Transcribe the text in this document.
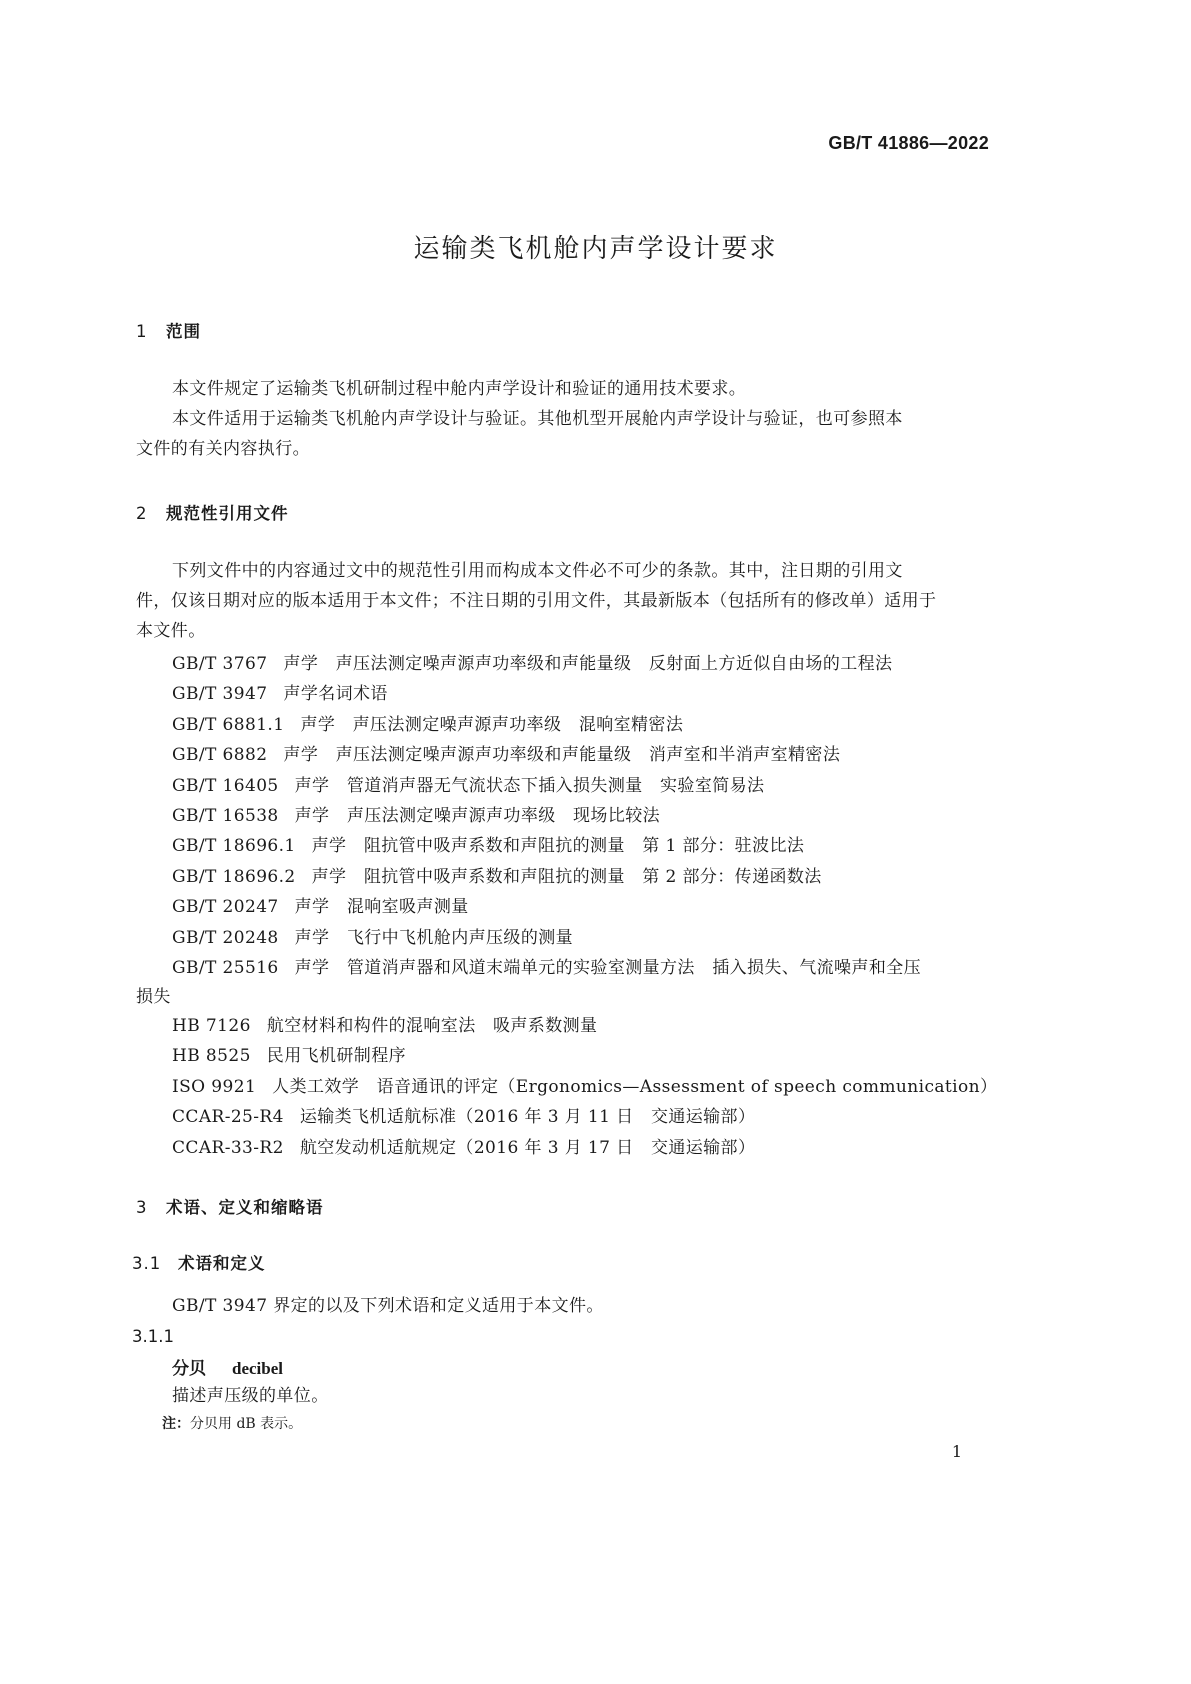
GB/T 41886—2022
运输类飞机舱内声学设计要求
1 范围

本文件规定了运输类飞机研制过程中舱内声学设计和验证的通用技术要求。

本文件适用于运输类飞机舱内声学设计与验证。其他机型开展舱内声学设计与验证，也可参照本

文件的有关内容执行。

2 规范性引用文件

下列文件中的内容通过文中的规范性引用而构成本文件必不可少的条款。其中，注日期的引用文

件，仅该日期对应的版本适用于本文件；不注日期的引用文件，其最新版本（包括所有的修改单）适用于

本文件。

GB/T 3767 声学　声压法测定噪声源声功率级和声能量级　反射面上方近似自由场的工程法
GB/T 3947 声学名词术语
GB/T 6881.1 声学　声压法测定噪声源声功率级　混响室精密法
GB/T 6882 声学　声压法测定噪声源声功率级和声能量级　消声室和半消声室精密法
GB/T 16405 声学　管道消声器无气流状态下插入损失测量　实验室简易法
GB/T 16538 声学　声压法测定噪声源声功率级　现场比较法
GB/T 18696.1 声学　阻抗管中吸声系数和声阻抗的测量　第 1 部分：驻波比法
GB/T 18696.2 声学　阻抗管中吸声系数和声阻抗的测量　第 2 部分：传递函数法
GB/T 20247 声学　混响室吸声测量
GB/T 20248 声学　飞行中飞机舱内声压级的测量
GB/T 25516 声学　管道消声器和风道末端单元的实验室测量方法　插入损失、气流噪声和全压
损失
HB 7126 航空材料和构件的混响室法　吸声系数测量
HB 8525 民用飞机研制程序
ISO 9921 人类工效学　语音通讯的评定（Ergonomics—Assessment of speech communication）
CCAR-25-R4 运输类飞机适航标准（2016 年 3 月 11 日　交通运输部）
CCAR-33-R2 航空发动机适航规定（2016 年 3 月 17 日　交通运输部）
3 术语、定义和缩略语
3.1 术语和定义
GB/T 3947 界定的以及下列术语和定义适用于本文件。
3.1.1
分贝 decibel
描述声压级的单位。
注：分贝用 dB 表示。
1
